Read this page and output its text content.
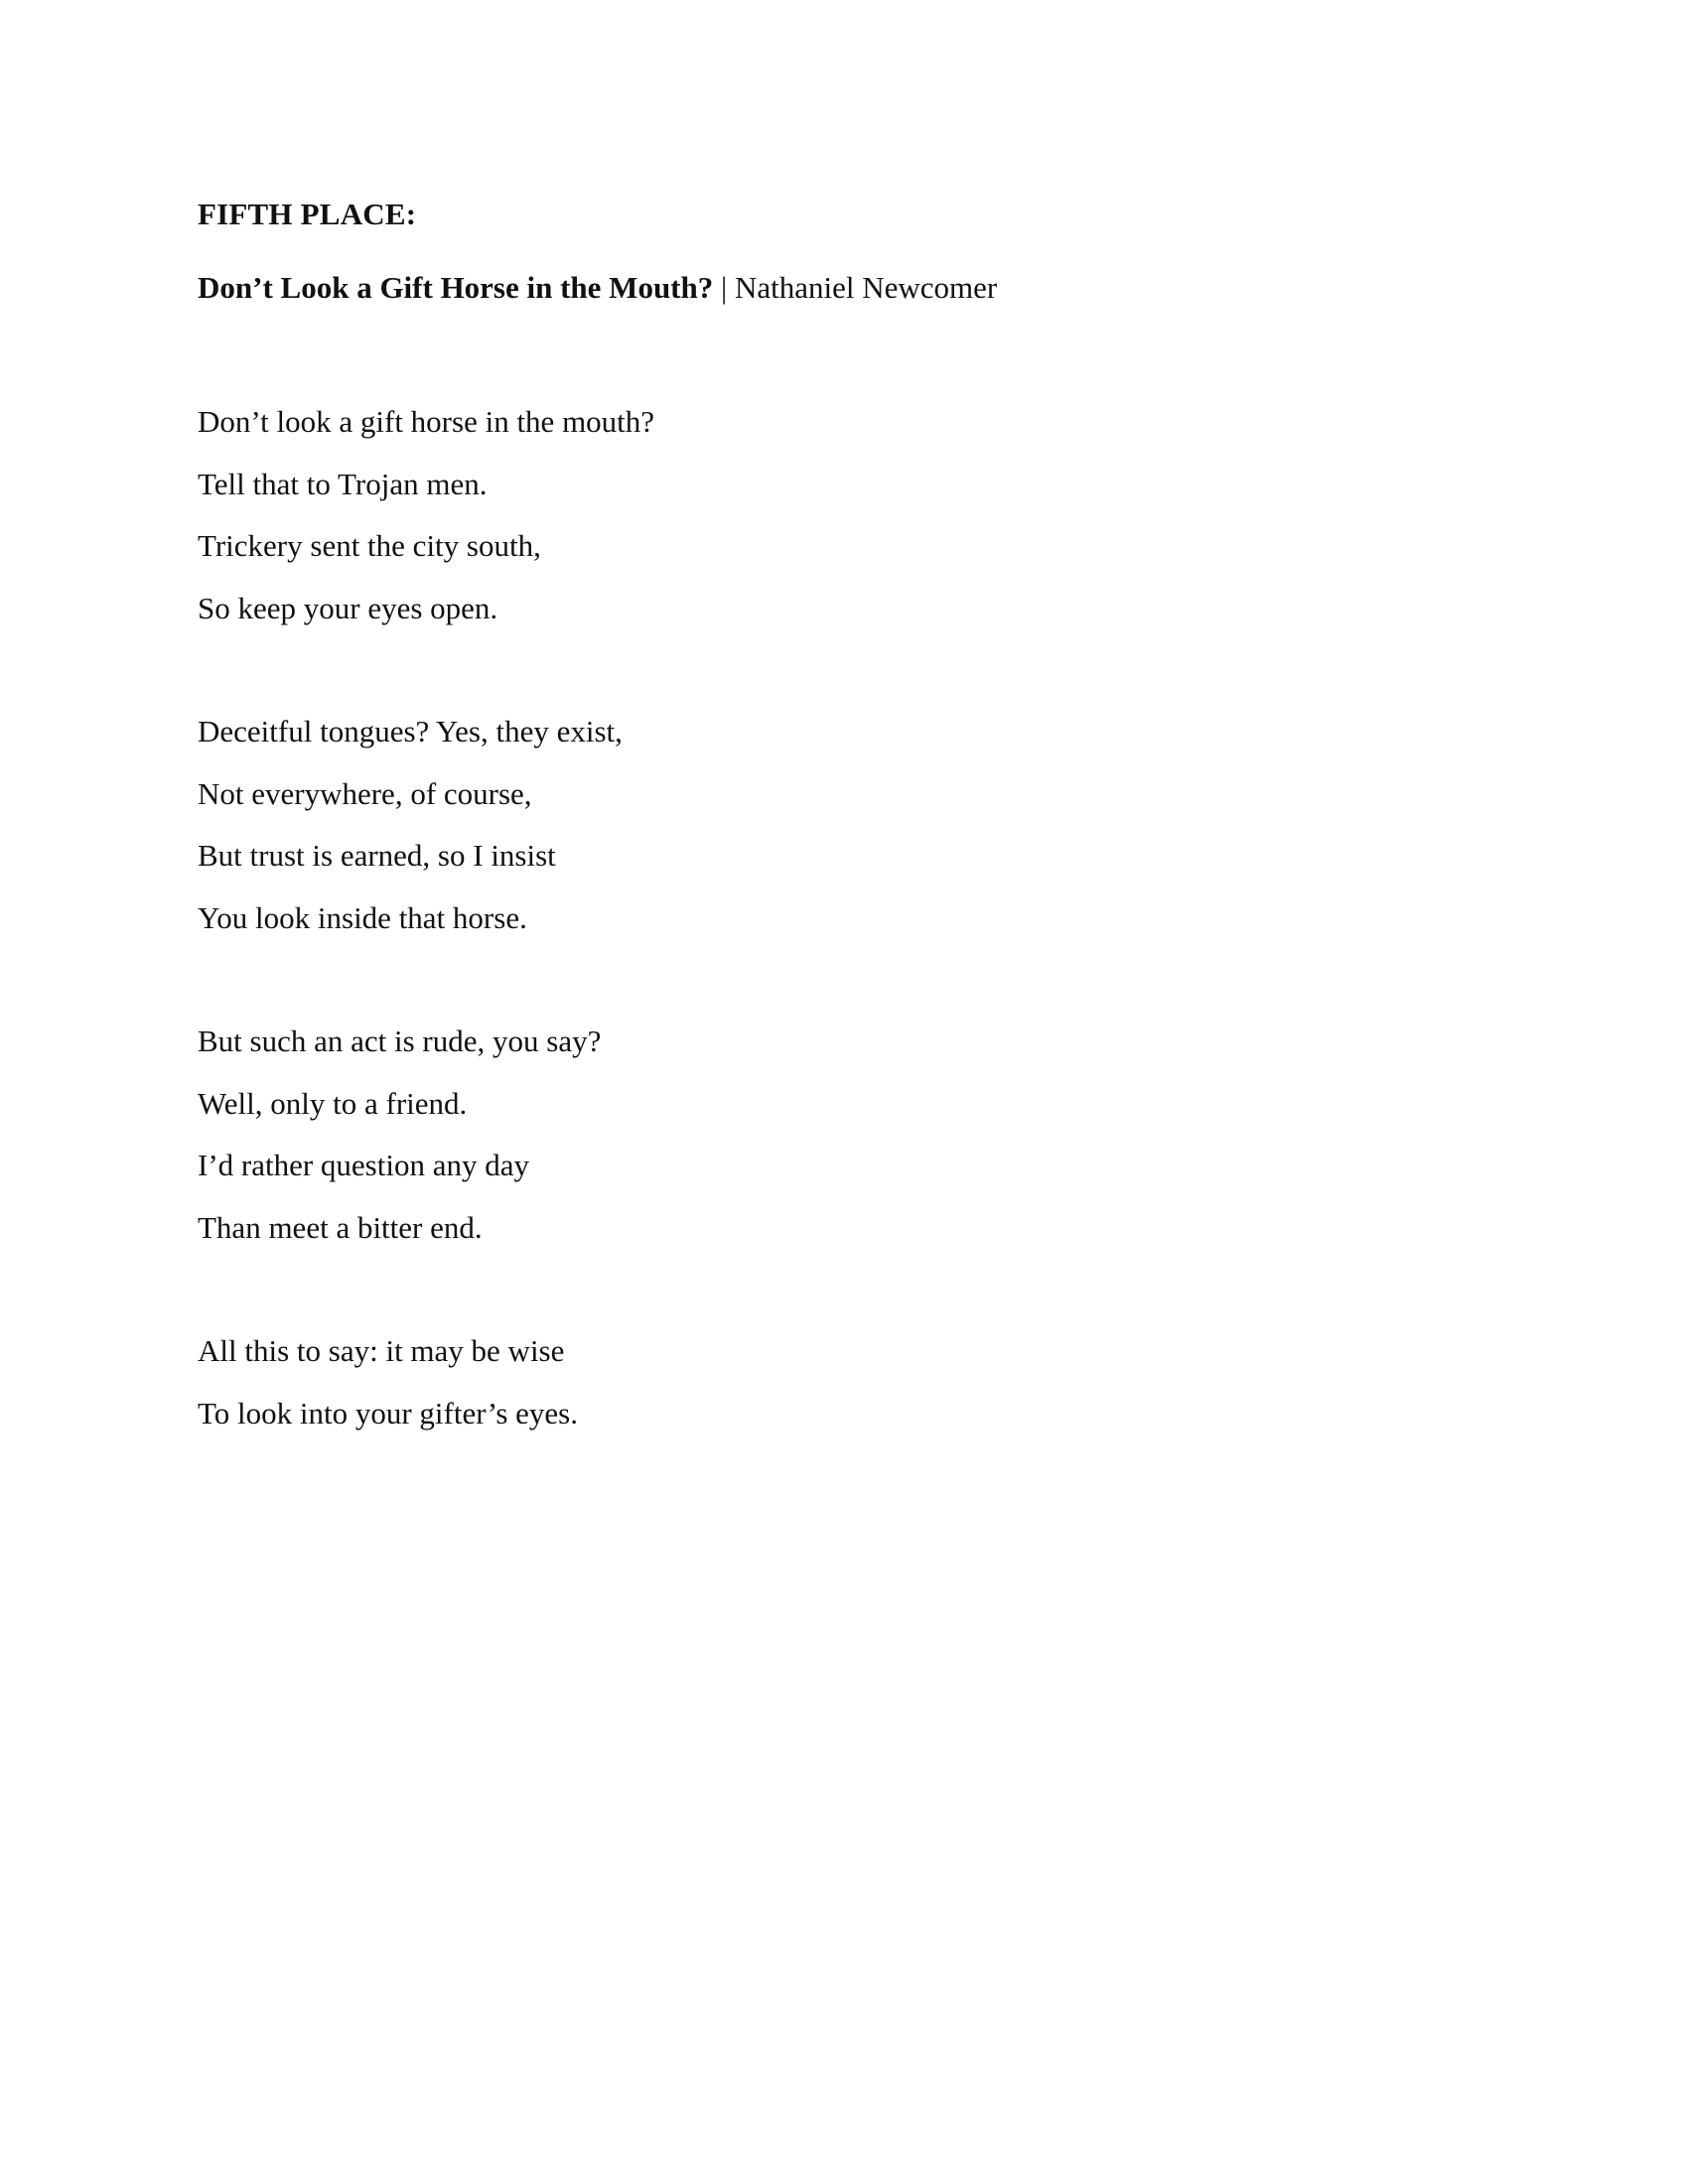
FIFTH PLACE:
Don’t Look a Gift Horse in the Mouth? | Nathaniel Newcomer
Don’t look a gift horse in the mouth?
Tell that to Trojan men.
Trickery sent the city south,
So keep your eyes open.
Deceitful tongues? Yes, they exist,
Not everywhere, of course,
But trust is earned, so I insist
You look inside that horse.
But such an act is rude, you say?
Well, only to a friend.
I’d rather question any day
Than meet a bitter end.
All this to say: it may be wise
To look into your gifter’s eyes.
